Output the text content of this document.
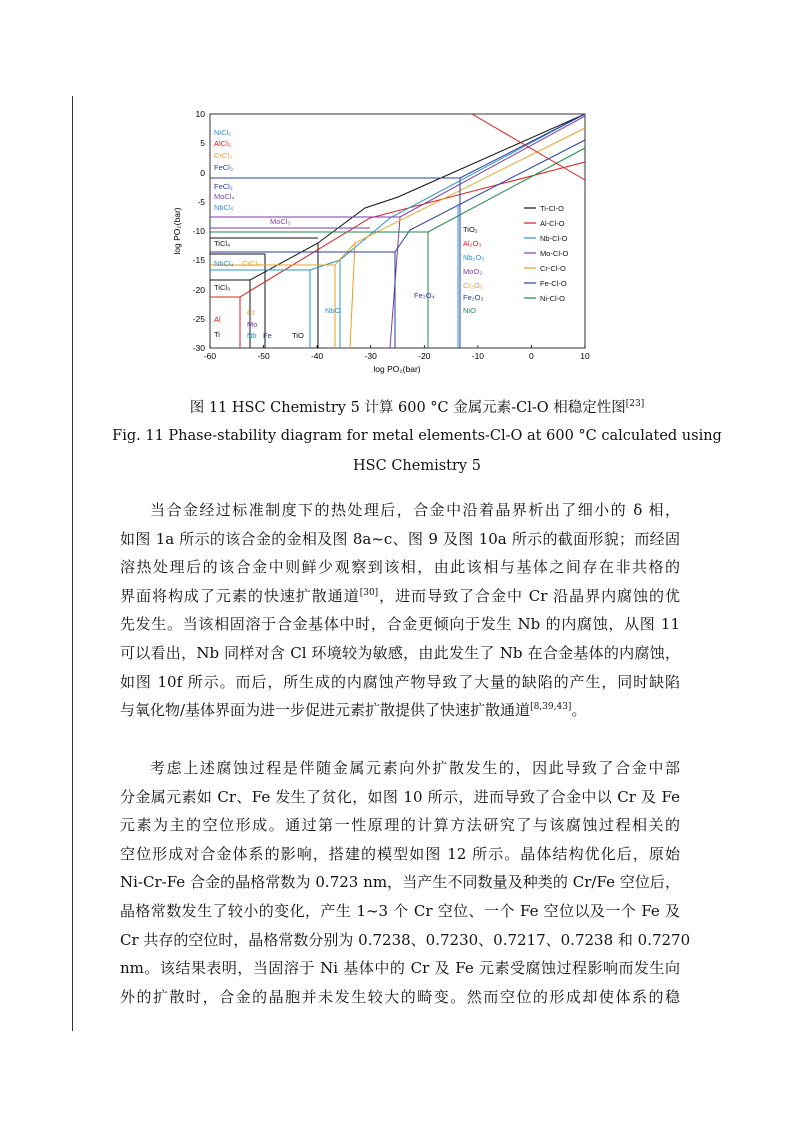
-60	-50	-40	-30	-20	-10	0	10
10
5
0
-5
-10
-15
-20
-25
-30
log PO₂(bar)
log PO₂(bar)
NiCl₂
AlCl₃
CrCl₃
FeCl₃
FeCl₂
MoCl₄
NbCl₅
MoCl₃
TiCl₄
NbCl₄ CrCl₂
TiCl₃
Al
Ti
Cr
Mo
Nb Fe	TiO
NbO
TiO₂
Al₂O₃
Nb₂O₅
MoO₂
Cr₂O₃
Fe₂O₃
NiO
Fe₃O₄
Ti-Cl-O
Al-Cl-O
Nb-Cl-O
Mo-Cl-O
Cr-Cl-O
Fe-Cl-O
Ni-Cl-O
图 11 HSC Chemistry 5 计算 600 °C 金属元素-Cl-O 相稳定性图[23]
Fig. 11 Phase-stability diagram for metal elements-Cl-O at 600 °C calculated using
HSC Chemistry 5
当合金经过标准制度下的热处理后，合金中沿着晶界析出了细小的 δ 相，
如图 1a 所示的该合金的金相及图 8a~c、图 9 及图 10a 所示的截面形貌；而经固
溶热处理后的该合金中则鲜少观察到该相，由此该相与基体之间存在非共格的
界面将构成了元素的快速扩散通道[30]，进而导致了合金中 Cr 沿晶界内腐蚀的优
先发生。当该相固溶于合金基体中时，合金更倾向于发生 Nb 的内腐蚀，从图 11
可以看出，Nb 同样对含 Cl 环境较为敏感，由此发生了 Nb 在合金基体的内腐蚀，
如图 10f 所示。而后，所生成的内腐蚀产物导致了大量的缺陷的产生，同时缺陷
与氧化物/基体界面为进一步促进元素扩散提供了快速扩散通道[8,39,43]。
考虑上述腐蚀过程是伴随金属元素向外扩散发生的，因此导致了合金中部
分金属元素如 Cr、Fe 发生了贫化，如图 10 所示，进而导致了合金中以 Cr 及 Fe
元素为主的空位形成。通过第一性原理的计算方法研究了与该腐蚀过程相关的
空位形成对合金体系的影响，搭建的模型如图 12 所示。晶体结构优化后，原始
Ni-Cr-Fe 合金的晶格常数为 0.723 nm，当产生不同数量及种类的 Cr/Fe 空位后，
晶格常数发生了较小的变化，产生 1~3 个 Cr 空位、一个 Fe 空位以及一个 Fe 及
Cr 共存的空位时，晶格常数分别为 0.7238、0.7230、0.7217、0.7238 和 0.7270
nm。该结果表明，当固溶于 Ni 基体中的 Cr 及 Fe 元素受腐蚀过程影响而发生向
外的扩散时，合金的晶胞并未发生较大的畸变。然而空位的形成却使体系的稳
